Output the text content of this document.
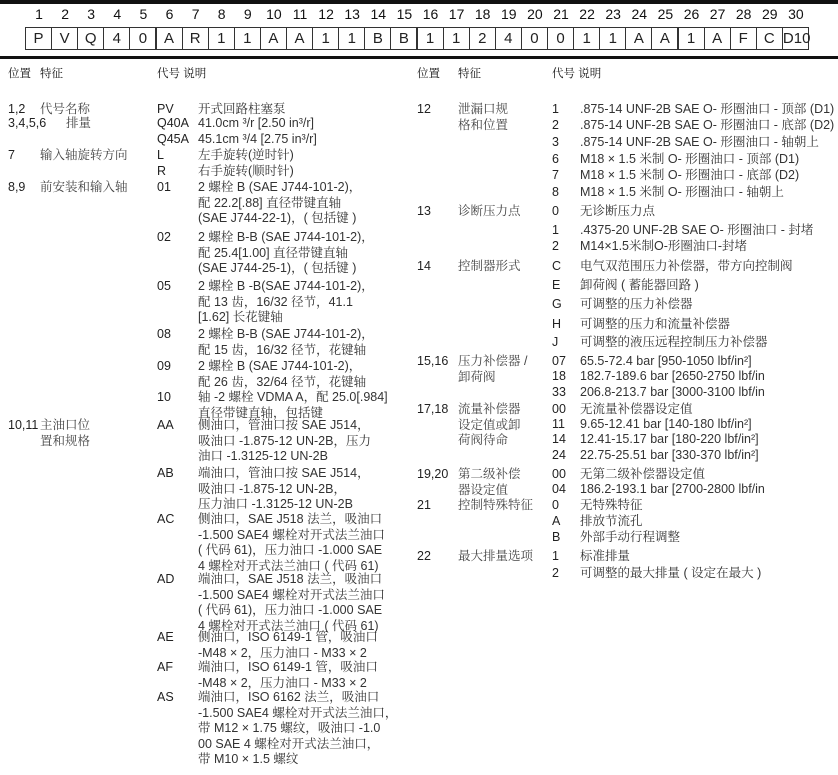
1	2	3	4	5	6	7	8	9	10 11 12 13 14 15 16 17 18 19 20 21 22 23 24 25 26 27 28 29 30
P	V	Q	4	0	A	R	1	1	A	A	1	1	B	B	1	1	2	4	0	0	1	1	A	A	1	A	F	C D10
位置 特征	代号 说明	位置 特征	代号 说明
1,2 代号名称	PV 开式回路柱塞泵
3,4,5,6 排量	Q40A 41.0cm ³/r [2.50 in³/r]
Q45A 45.1cm ³/4 [2.75 in³/r]
7 输入轴旋转方向 L	左手旋转(逆时针)
R	右手旋转(顺时针)
8,9 前安装和输入轴 01 2 螺栓 B (SAE J744-101-2)，
配 22.2[.88] 直径带键直轴
(SAE J744-22-1)，( 包括键 )
02 2 螺栓 B-B (SAE J744-101-2)，
配 25.4[1.00] 直径带键直轴
(SAE J744-25-1)，( 包括键 )
05 2 螺栓 B -B(SAE J744-101-2)，
配 13 齿，16/32 径节，41.1
[1.62] 长花键轴
08 2 螺栓 B-B (SAE J744-101-2)，
配 15 齿，16/32 径节，花键轴
09 2 螺栓 B (SAE J744-101-2)，
配 26 齿，32/64 径节，花键轴
10 轴 -2 螺栓 VDMA A，配 25.0[.984]
直径带键直轴，包括键
10,11 主油口位
置和规格
AA 侧油口，管油口按 SAE J514，
吸油口 -1.875-12 UN-2B，压力
油口 -1.3125-12 UN-2B
AB 端油口，管油口按 SAE J514，
吸油口 -1.875-12 UN-2B，
压力油口 -1.3125-12 UN-2B
AC 侧油口，SAE J518 法兰，吸油口
-1.500 SAE4 螺栓对开式法兰油口
( 代码 61)，压力油口 -1.000 SAE
4 螺栓对开式法兰油口 ( 代码 61)
AD 端油口，SAE J518 法兰，吸油口
-1.500 SAE4 螺栓对开式法兰油口
( 代码 61)，压力油口 -1.000 SAE
4 螺栓对开式法兰油口 ( 代码 61)
AE 侧油口，ISO 6149-1 管，吸油口
-M48 × 2，压力油口 - M33 × 2
AF 端油口，ISO 6149-1 管，吸油口
-M48 × 2，压力油口 - M33 × 2
AS 端油口，ISO 6162 法兰，吸油口
-1.500 SAE4 螺栓对开式法兰油口，
带 M12 × 1.75 螺纹，吸油口 -1.0
00 SAE 4 螺栓对开式法兰油口，
带 M10 × 1.5 螺纹
12 泄漏口规
格和位置
1 .875-14 UNF-2B SAE O- 形圈油口 - 顶部 (D1)
2 .875-14 UNF-2B SAE O- 形圈油口 - 底部 (D2)
3 .875-14 UNF-2B SAE O- 形圈油口 - 轴朝上
6 M18 × 1.5 米制 O- 形圈油口 - 顶部 (D1)
7 M18 × 1.5 米制 O- 形圈油口 - 底部 (D2)
8 M18 × 1.5 米制 O- 形圈油口 - 轴朝上
13 诊断压力点	0 无诊断压力点
1 .4375-20 UNF-2B SAE O- 形圈油口 - 封堵
2 M14×1.5米制O-形圈油口-封堵
14 控制器形式	C 电气双范围压力补偿器，带方向控制阀
E 卸荷阀 ( 蓄能器回路 )
G 可调整的压力补偿器
H 可调整的压力和流量补偿器
J 可调整的液压远程控制压力补偿器
15,16 压力补偿器 /
卸荷阀
07 65.5-72.4 bar [950-1050 lbf/in²]
18 182.7-189.6 bar [2650-2750 lbf/in
33 206.8-213.7 bar [3000-3100 lbf/in
17,18 流量补偿器
设定值或卸
荷阀待命
00 无流量补偿器设定值
11 9.65-12.41 bar [140-180 lbf/in²]
14 12.41-15.17 bar [180-220 lbf/in²]
24 22.75-25.51 bar [330-370 lbf/in²]
19,20 第二级补偿
器设定值
00 无第二级补偿器设定值
04 186.2-193.1 bar [2700-2800 lbf/in
21 控制特殊特征 0 无特殊特征
A 排放节流孔
B 外部手动行程调整
22 最大排量选项 1 标准排量
2 可调整的最大排量 ( 设定在最大 )
